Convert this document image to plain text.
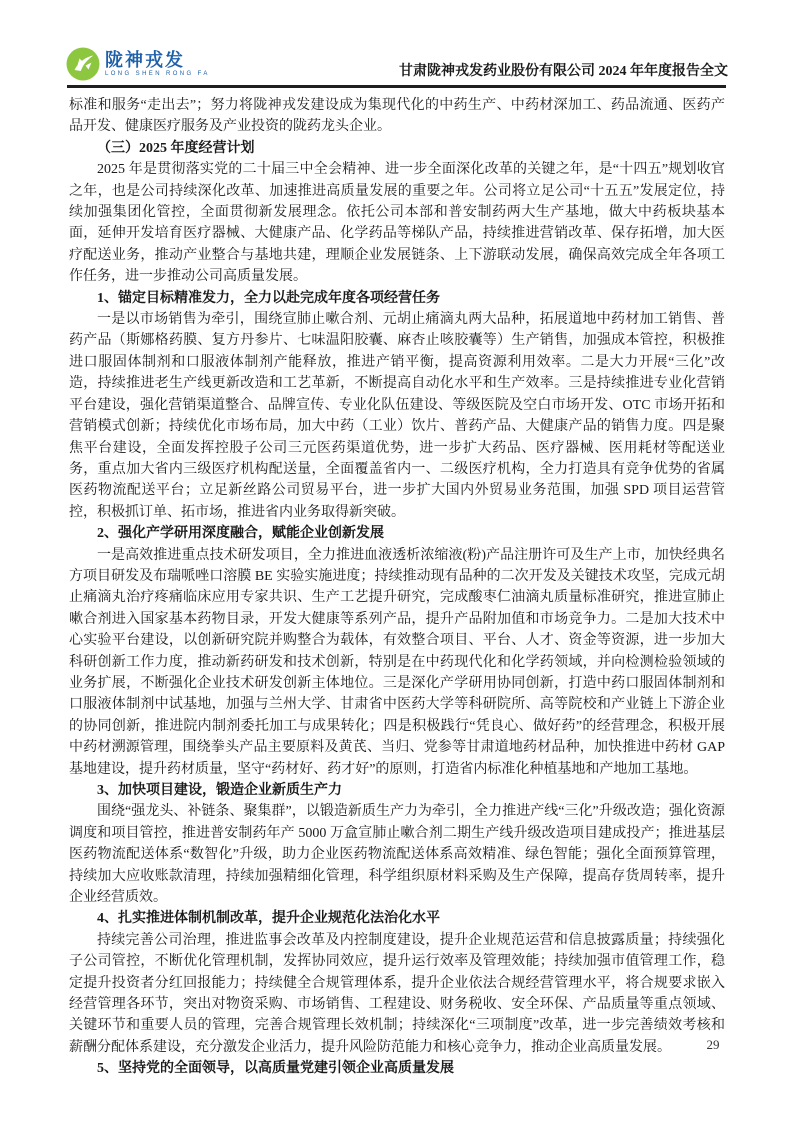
陇神戎发
LONG SHEN RONG FA	甘肃陇神戎发药业股份有限公司 2024 年年度报告全文

标准和服务“走出去”；努力将陇神戎发建设成为集现代化的中药生产、中药材深加工、药品流通、医药产品开发、健康医疗服务及产业投资的陇药龙头企业。

（三）2025 年度经营计划

2025 年是贯彻落实党的二十届三中全会精神、进一步全面深化改革的关键之年，是“十四五”规划收官之年，也是公司持续深化改革、加速推进高质量发展的重要之年。公司将立足公司“十五五”发展定位，持续加强集团化管控，全面贯彻新发展理念。依托公司本部和普安制药两大生产基地，做大中药板块基本面，延伸开发培育医疗器械、大健康产品、化学药品等梯队产品，持续推进营销改革、保存拓增，加大医疗配送业务，推动产业整合与基地共建，理顺企业发展链条、上下游联动发展，确保高效完成全年各项工作任务，进一步推动公司高质量发展。

1、锚定目标精准发力，全力以赴完成年度各项经营任务

一是以市场销售为牵引，围绕宣肺止嗽合剂、元胡止痛滴丸两大品种，拓展道地中药材加工销售、普药产品（斯娜格药膜、复方丹参片、七味温阳胶囊、麻杏止咳胶囊等）生产销售，加强成本管控，积极推进口服固体制剂和口服液体制剂产能释放，推进产销平衡，提高资源利用效率。二是大力开展“三化”改造，持续推进老生产线更新改造和工艺革新，不断提高自动化水平和生产效率。三是持续推进专业化营销平台建设，强化营销渠道整合、品牌宣传、专业化队伍建设、等级医院及空白市场开发、OTC 市场开拓和营销模式创新；持续优化市场布局，加大中药（工业）饮片、普药产品、大健康产品的销售力度。四是聚焦平台建设，全面发挥控股子公司三元医药渠道优势，进一步扩大药品、医疗器械、医用耗材等配送业务，重点加大省内三级医疗机构配送量，全面覆盖省内一、二级医疗机构，全力打造具有竞争优势的省属医药物流配送平台；立足新丝路公司贸易平台，进一步扩大国内外贸易业务范围，加强 SPD 项目运营管控，积极抓订单、拓市场，推进省内业务取得新突破。

2、强化产学研用深度融合，赋能企业创新发展

一是高效推进重点技术研发项目，全力推进血液透析浓缩液(粉)产品注册许可及生产上市，加快经典名方项目研发及布瑞哌唑口溶膜 BE 实验实施进度；持续推动现有品种的二次开发及关键技术攻坚，完成元胡止痛滴丸治疗疼痛临床应用专家共识、生产工艺提升研究，完成酸枣仁油滴丸质量标准研究，推进宣肺止嗽合剂进入国家基本药物目录，开发大健康等系列产品，提升产品附加值和市场竞争力。二是加大技术中心实验平台建设，以创新研究院并购整合为载体，有效整合项目、平台、人才、资金等资源，进一步加大科研创新工作力度，推动新药研发和技术创新，特别是在中药现代化和化学药领域，并向检测检验领域的业务扩展，不断强化企业技术研发创新主体地位。三是深化产学研用协同创新，打造中药口服固体制剂和口服液体制剂中试基地，加强与兰州大学、甘肃省中医药大学等科研院所、高等院校和产业链上下游企业的协同创新，推进院内制剂委托加工与成果转化；四是积极践行“凭良心、做好药”的经营理念，积极开展中药材溯源管理，围绕拳头产品主要原料及黄芪、当归、党参等甘肃道地药材品种，加快推进中药材 GAP 基地建设，提升药材质量，坚守“药材好、药才好”的原则，打造省内标准化种植基地和产地加工基地。

3、加快项目建设，锻造企业新质生产力

围绕“强龙头、补链条、聚集群”，以锻造新质生产力为牵引，全力推进产线“三化”升级改造；强化资源调度和项目管控，推进普安制药年产 5000 万盒宣肺止嗽合剂二期生产线升级改造项目建成投产；推进基层医药物流配送体系“数智化”升级，助力企业医药物流配送体系高效精准、绿色智能；强化全面预算管理，持续加大应收账款清理，持续加强精细化管理，科学组织原材料采购及生产保障，提高存货周转率，提升企业经营质效。

4、扎实推进体制机制改革，提升企业规范化法治化水平

持续完善公司治理，推进监事会改革及内控制度建设，提升企业规范运营和信息披露质量；持续强化子公司管控，不断优化管理机制，发挥协同效应，提升运行效率及管理效能；持续加强市值管理工作，稳定提升投资者分红回报能力；持续健全合规管理体系，提升企业依法合规经营管理水平，将合规要求嵌入经营管理各环节，突出对物资采购、市场销售、工程建设、财务税收、安全环保、产品质量等重点领域、关键环节和重要人员的管理，完善合规管理长效机制；持续深化“三项制度”改革，进一步完善绩效考核和薪酬分配体系建设，充分激发企业活力，提升风险防范能力和核心竞争力，推动企业高质量发展。

5、坚持党的全面领导，以高质量党建引领企业高质量发展

29
